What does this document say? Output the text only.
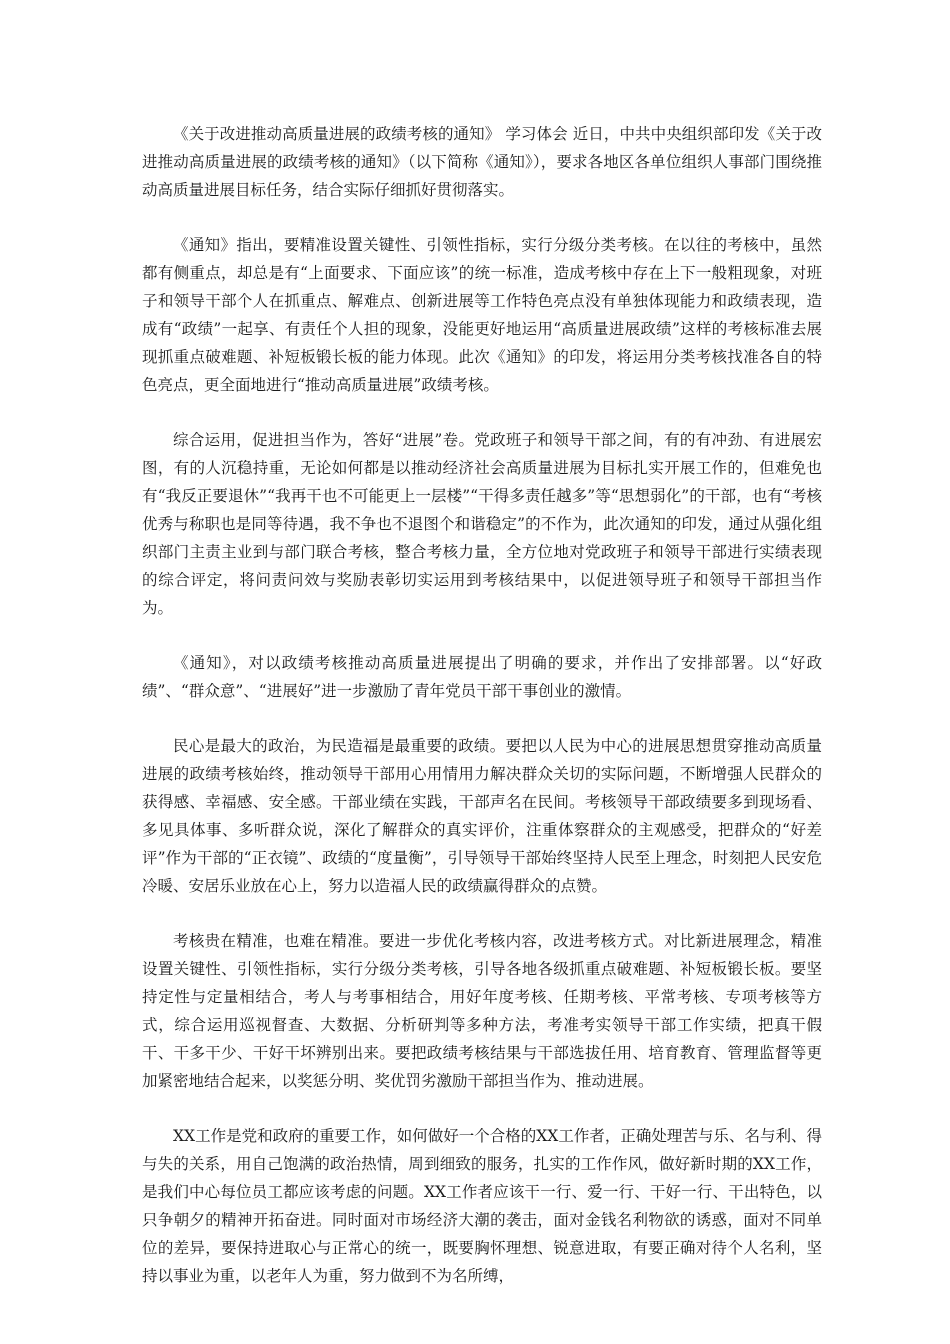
《关于改进推动高质量进展的政绩考核的通知》 学习体会 近日，中共中央组织部印发《关于改进推动高质量进展的政绩考核的通知》（以下简称《通知》），要求各地区各单位组织人事部门围绕推动高质量进展目标任务，结合实际仔细抓好贯彻落实。

《通知》指出，要精准设置关键性、引领性指标，实行分级分类考核。在以往的考核中，虽然都有侧重点，却总是有“上面要求、下面应该”的统一标准，造成考核中存在上下一般粗现象，对班子和领导干部个人在抓重点、解难点、创新进展等工作特色亮点没有单独体现能力和政绩表现，造成有“政绩”一起享、有责任个人担的现象，没能更好地运用“高质量进展政绩”这样的考核标准去展现抓重点破难题、补短板锻长板的能力体现。此次《通知》的印发，将运用分类考核找准各自的特色亮点，更全面地进行“推动高质量进展”政绩考核。

综合运用，促进担当作为，答好“进展”卷。党政班子和领导干部之间，有的有冲劲、有进展宏图，有的人沉稳持重，无论如何都是以推动经济社会高质量进展为目标扎实开展工作的，但难免也有“我反正要退休”“我再干也不可能更上一层楼”“干得多责任越多”等“思想弱化”的干部，也有“考核优秀与称职也是同等待遇，我不争也不退图个和谐稳定”的不作为，此次通知的印发，通过从强化组织部门主责主业到与部门联合考核，整合考核力量，全方位地对党政班子和领导干部进行实绩表现的综合评定，将问责问效与奖励表彰切实运用到考核结果中，以促进领导班子和领导干部担当作为。

《通知》，对以政绩考核推动高质量进展提出了明确的要求，并作出了安排部署。以“好政绩”、“群众意”、“进展好”进一步激励了青年党员干部干事创业的激情。

民心是最大的政治，为民造福是最重要的政绩。要把以人民为中心的进展思想贯穿推动高质量进展的政绩考核始终，推动领导干部用心用情用力解决群众关切的实际问题，不断增强人民群众的获得感、幸福感、安全感。干部业绩在实践，干部声名在民间。考核领导干部政绩要多到现场看、多见具体事、多听群众说，深化了解群众的真实评价，注重体察群众的主观感受，把群众的“好差评”作为干部的“正衣镜”、政绩的“度量衡”，引导领导干部始终坚持人民至上理念，时刻把人民安危冷暖、安居乐业放在心上，努力以造福人民的政绩赢得群众的点赞。

考核贵在精准，也难在精准。要进一步优化考核内容，改进考核方式。对比新进展理念，精准设置关键性、引领性指标，实行分级分类考核，引导各地各级抓重点破难题、补短板锻长板。要坚持定性与定量相结合，考人与考事相结合，用好年度考核、任期考核、平常考核、专项考核等方式，综合运用巡视督查、大数据、分析研判等多种方法，考准考实领导干部工作实绩，把真干假干、干多干少、干好干坏辨别出来。要把政绩考核结果与干部选拔任用、培育教育、管理监督等更加紧密地结合起来，以奖惩分明、奖优罚劣激励干部担当作为、推动进展。

XX工作是党和政府的重要工作，如何做好一个合格的XX工作者，正确处理苦与乐、名与利、得与失的关系，用自己饱满的政治热情，周到细致的服务，扎实的工作作风，做好新时期的XX工作，是我们中心每位员工都应该考虑的问题。XX工作者应该干一行、爱一行、干好一行、干出特色，以只争朝夕的精神开拓奋进。同时面对市场经济大潮的袭击，面对金钱名利物欲的诱惑，面对不同单位的差异，要保持进取心与正常心的统一，既要胸怀理想、锐意进取，有要正确对待个人名利，坚持以事业为重，以老年人为重，努力做到不为名所缚，
